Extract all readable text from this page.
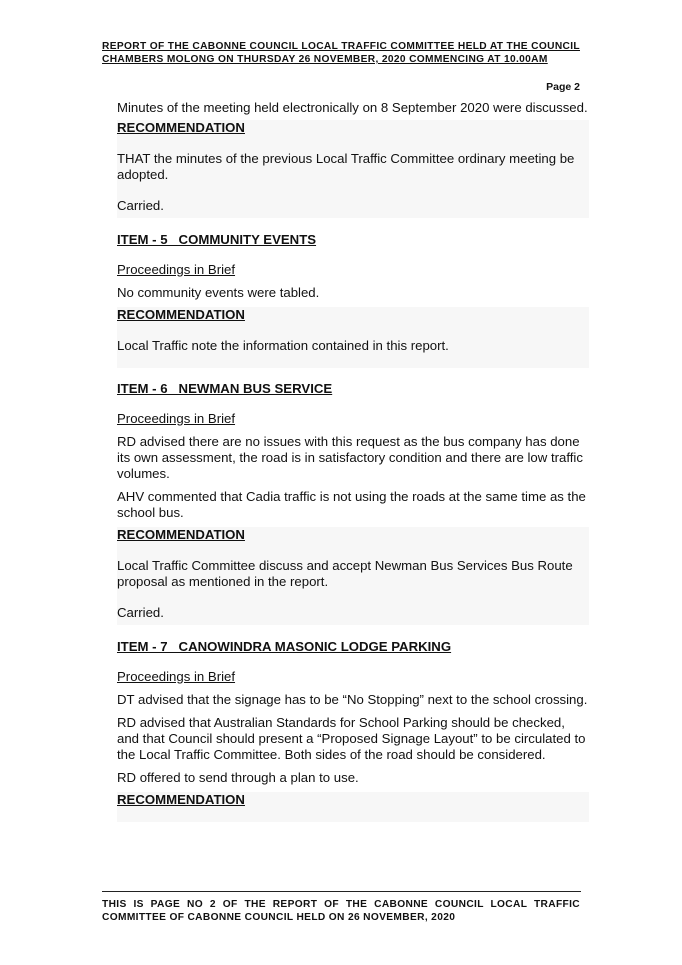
REPORT OF THE CABONNE COUNCIL LOCAL TRAFFIC COMMITTEE HELD AT THE COUNCIL CHAMBERS MOLONG ON THURSDAY 26 NOVEMBER, 2020 COMMENCING AT 10.00AM
Page 2

Minutes of the meeting held electronically on 8 September 2020 were discussed.

RECOMMENDATION

THAT the minutes of the previous Local Traffic Committee ordinary meeting be adopted.

Carried.

ITEM - 5   COMMUNITY EVENTS

Proceedings in Brief

No community events were tabled.

RECOMMENDATION

Local Traffic note the information contained in this report.

ITEM - 6   NEWMAN BUS SERVICE

Proceedings in Brief

RD advised there are no issues with this request as the bus company has done its own assessment, the road is in satisfactory condition and there are low traffic volumes.

AHV commented that Cadia traffic is not using the roads at the same time as the school bus.

RECOMMENDATION

Local Traffic Committee discuss and accept Newman Bus Services Bus Route proposal as mentioned in the report.

Carried.

ITEM - 7   CANOWINDRA MASONIC LODGE PARKING

Proceedings in Brief

DT advised that the signage has to be “No Stopping” next to the school crossing.

RD advised that Australian Standards for School Parking should be checked, and that Council should present a “Proposed Signage Layout” to be circulated to the Local Traffic Committee. Both sides of the road should be considered.

RD offered to send through a plan to use.

RECOMMENDATION

THIS IS PAGE NO 2 OF THE REPORT OF THE CABONNE COUNCIL LOCAL TRAFFIC COMMITTEE OF CABONNE COUNCIL HELD ON 26 NOVEMBER, 2020
